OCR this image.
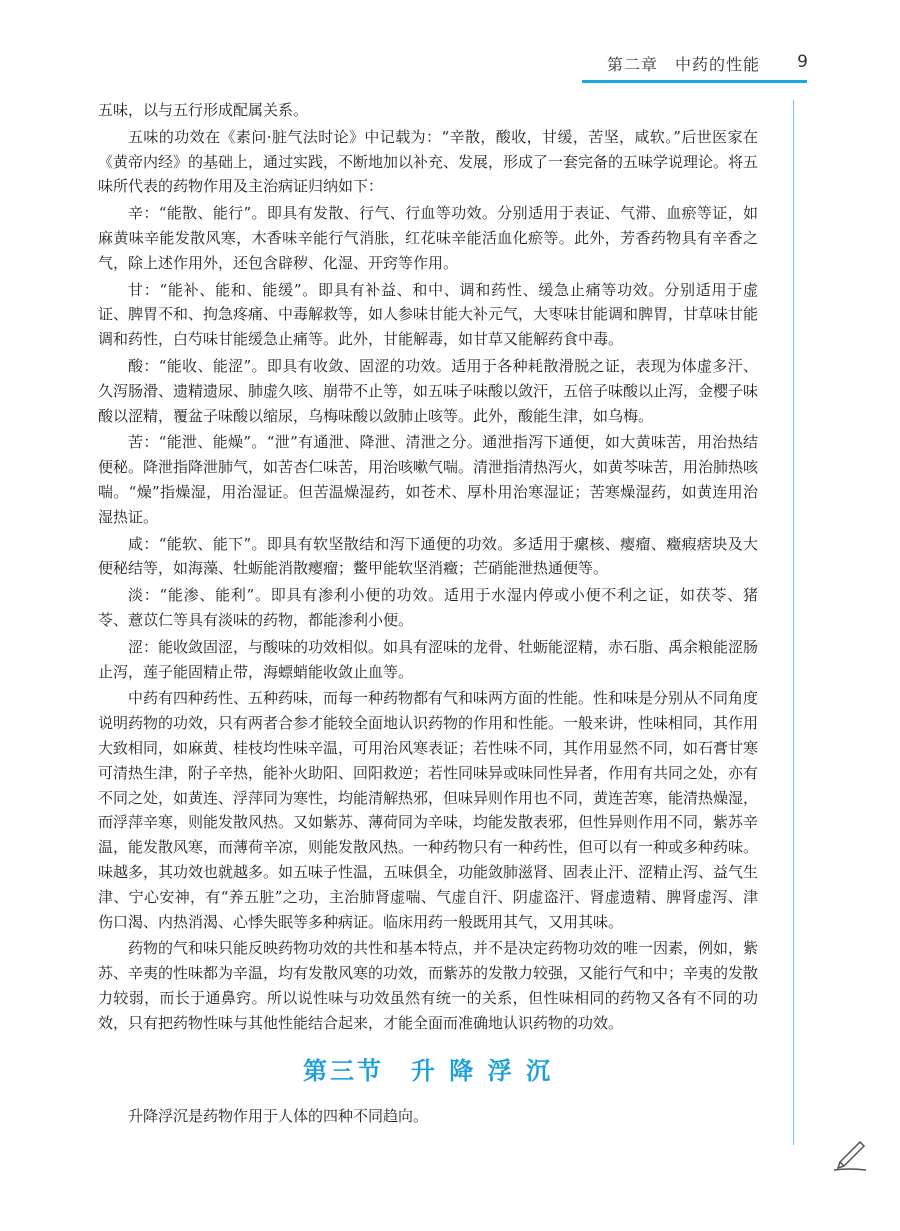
第二章　中药的性能 9

五味，以与五行形成配属关系。

五味的功效在《素问·脏气法时论》中记载为：“辛散，酸收，甘缓，苦坚，咸软。”后世医家在《黄帝内经》的基础上，通过实践，不断地加以补充、发展，形成了一套完备的五味学说理论。将五味所代表的药物作用及主治病证归纳如下：

辛：“能散、能行”。即具有发散、行气、行血等功效。分别适用于表证、气滞、血瘀等证，如麻黄味辛能发散风寒，木香味辛能行气消胀，红花味辛能活血化瘀等。此外，芳香药物具有辛香之气，除上述作用外，还包含辟秽、化湿、开窍等作用。

甘：“能补、能和、能缓”。即具有补益、和中、调和药性、缓急止痛等功效。分别适用于虚证、脾胃不和、拘急疼痛、中毒解救等，如人参味甘能大补元气，大枣味甘能调和脾胃，甘草味甘能调和药性，白芍味甘能缓急止痛等。此外，甘能解毒，如甘草又能解药食中毒。

酸：“能收、能涩”。即具有收敛、固涩的功效。适用于各种耗散滑脱之证，表现为体虚多汗、久泻肠滑、遗精遗尿、肺虚久咳、崩带不止等，如五味子味酸以敛汗，五倍子味酸以止泻，金樱子味酸以涩精，覆盆子味酸以缩尿，乌梅味酸以敛肺止咳等。此外，酸能生津，如乌梅。

苦：“能泄、能燥”。“泄”有通泄、降泄、清泄之分。通泄指泻下通便，如大黄味苦，用治热结便秘。降泄指降泄肺气，如苦杏仁味苦，用治咳嗽气喘。清泄指清热泻火，如黄芩味苦，用治肺热咳喘。“燥”指燥湿，用治湿证。但苦温燥湿药，如苍术、厚朴用治寒湿证；苦寒燥湿药，如黄连用治湿热证。

咸：“能软、能下”。即具有软坚散结和泻下通便的功效。多适用于瘰核、瘿瘤、癥瘕痞块及大便秘结等，如海藻、牡蛎能消散瘿瘤；鳖甲能软坚消癥；芒硝能泄热通便等。

淡：“能渗、能利”。即具有渗利小便的功效。适用于水湿内停或小便不利之证，如茯苓、猪苓、薏苡仁等具有淡味的药物，都能渗利小便。

涩：能收敛固涩，与酸味的功效相似。如具有涩味的龙骨、牡蛎能涩精，赤石脂、禹余粮能涩肠止泻，莲子能固精止带，海螵蛸能收敛止血等。

中药有四种药性、五种药味，而每一种药物都有气和味两方面的性能。性和味是分别从不同角度说明药物的功效，只有两者合参才能较全面地认识药物的作用和性能。一般来讲，性味相同，其作用大致相同，如麻黄、桂枝均性味辛温，可用治风寒表证；若性味不同，其作用显然不同，如石膏甘寒可清热生津，附子辛热，能补火助阳、回阳救逆；若性同味异或味同性异者，作用有共同之处，亦有不同之处，如黄连、浮萍同为寒性，均能清解热邪，但味异则作用也不同，黄连苦寒，能清热燥湿，而浮萍辛寒，则能发散风热。又如紫苏、薄荷同为辛味，均能发散表邪，但性异则作用不同，紫苏辛温，能发散风寒，而薄荷辛凉，则能发散风热。一种药物只有一种药性，但可以有一种或多种药味。味越多，其功效也就越多。如五味子性温，五味俱全，功能敛肺滋肾、固表止汗、涩精止泻、益气生津、宁心安神，有“养五脏”之功，主治肺肾虚喘、气虚自汗、阴虚盗汗、肾虚遗精、脾肾虚泻、津伤口渴、内热消渴、心悸失眠等多种病证。临床用药一般既用其气，又用其味。

药物的气和味只能反映药物功效的共性和基本特点，并不是决定药物功效的唯一因素，例如，紫苏、辛夷的性味都为辛温，均有发散风寒的功效，而紫苏的发散力较强，又能行气和中；辛夷的发散力较弱，而长于通鼻窍。所以说性味与功效虽然有统一的关系，但性味相同的药物又各有不同的功效，只有把药物性味与其他性能结合起来，才能全面而准确地认识药物的功效。

第三节　升 降 浮 沉

升降浮沉是药物作用于人体的四种不同趋向。
